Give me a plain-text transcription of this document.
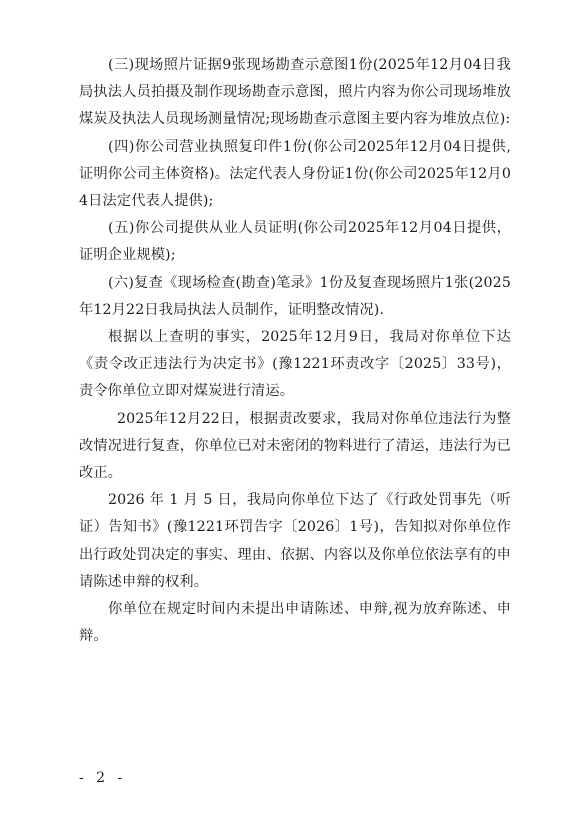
(三)现场照片证据9张现场勘查示意图1份(2025年12月04日我局执法人员拍摄及制作现场勘查示意图，照片内容为你公司现场堆放煤炭及执法人员现场测量情况;现场勘查示意图主要内容为堆放点位):

(四)你公司营业执照复印件1份(你公司2025年12月04日提供,证明你公司主体资格)。法定代表人身份证1份(你公司2025年12月04日法定代表人提供);

(五)你公司提供从业人员证明(你公司2025年12月04日提供，证明企业规模);

(六)复查《现场检查(勘查)笔录》1份及复查现场照片1张(2025年12月22日我局执法人员制作，证明整改情况).

根据以上查明的事实，2025年12月9日，我局对你单位下达《责令改正违法行为决定书》(豫1221环责改字〔2025〕33号)，责令你单位立即对煤炭进行清运。

2025年12月22日，根据责改要求，我局对你单位违法行为整改情况进行复查，你单位已对未密闭的物料进行了清运，违法行为已改正。

2026 年 1 月 5 日，我局向你单位下达了《行政处罚事先（听证）告知书》(豫1221环罚告字〔2026〕1号)，告知拟对你单位作出行政处罚决定的事实、理由、依据、内容以及你单位依法享有的申请陈述申辩的权利。

你单位在规定时间内未提出申请陈述、申辩,视为放弃陈述、申辩。

- 2 -
